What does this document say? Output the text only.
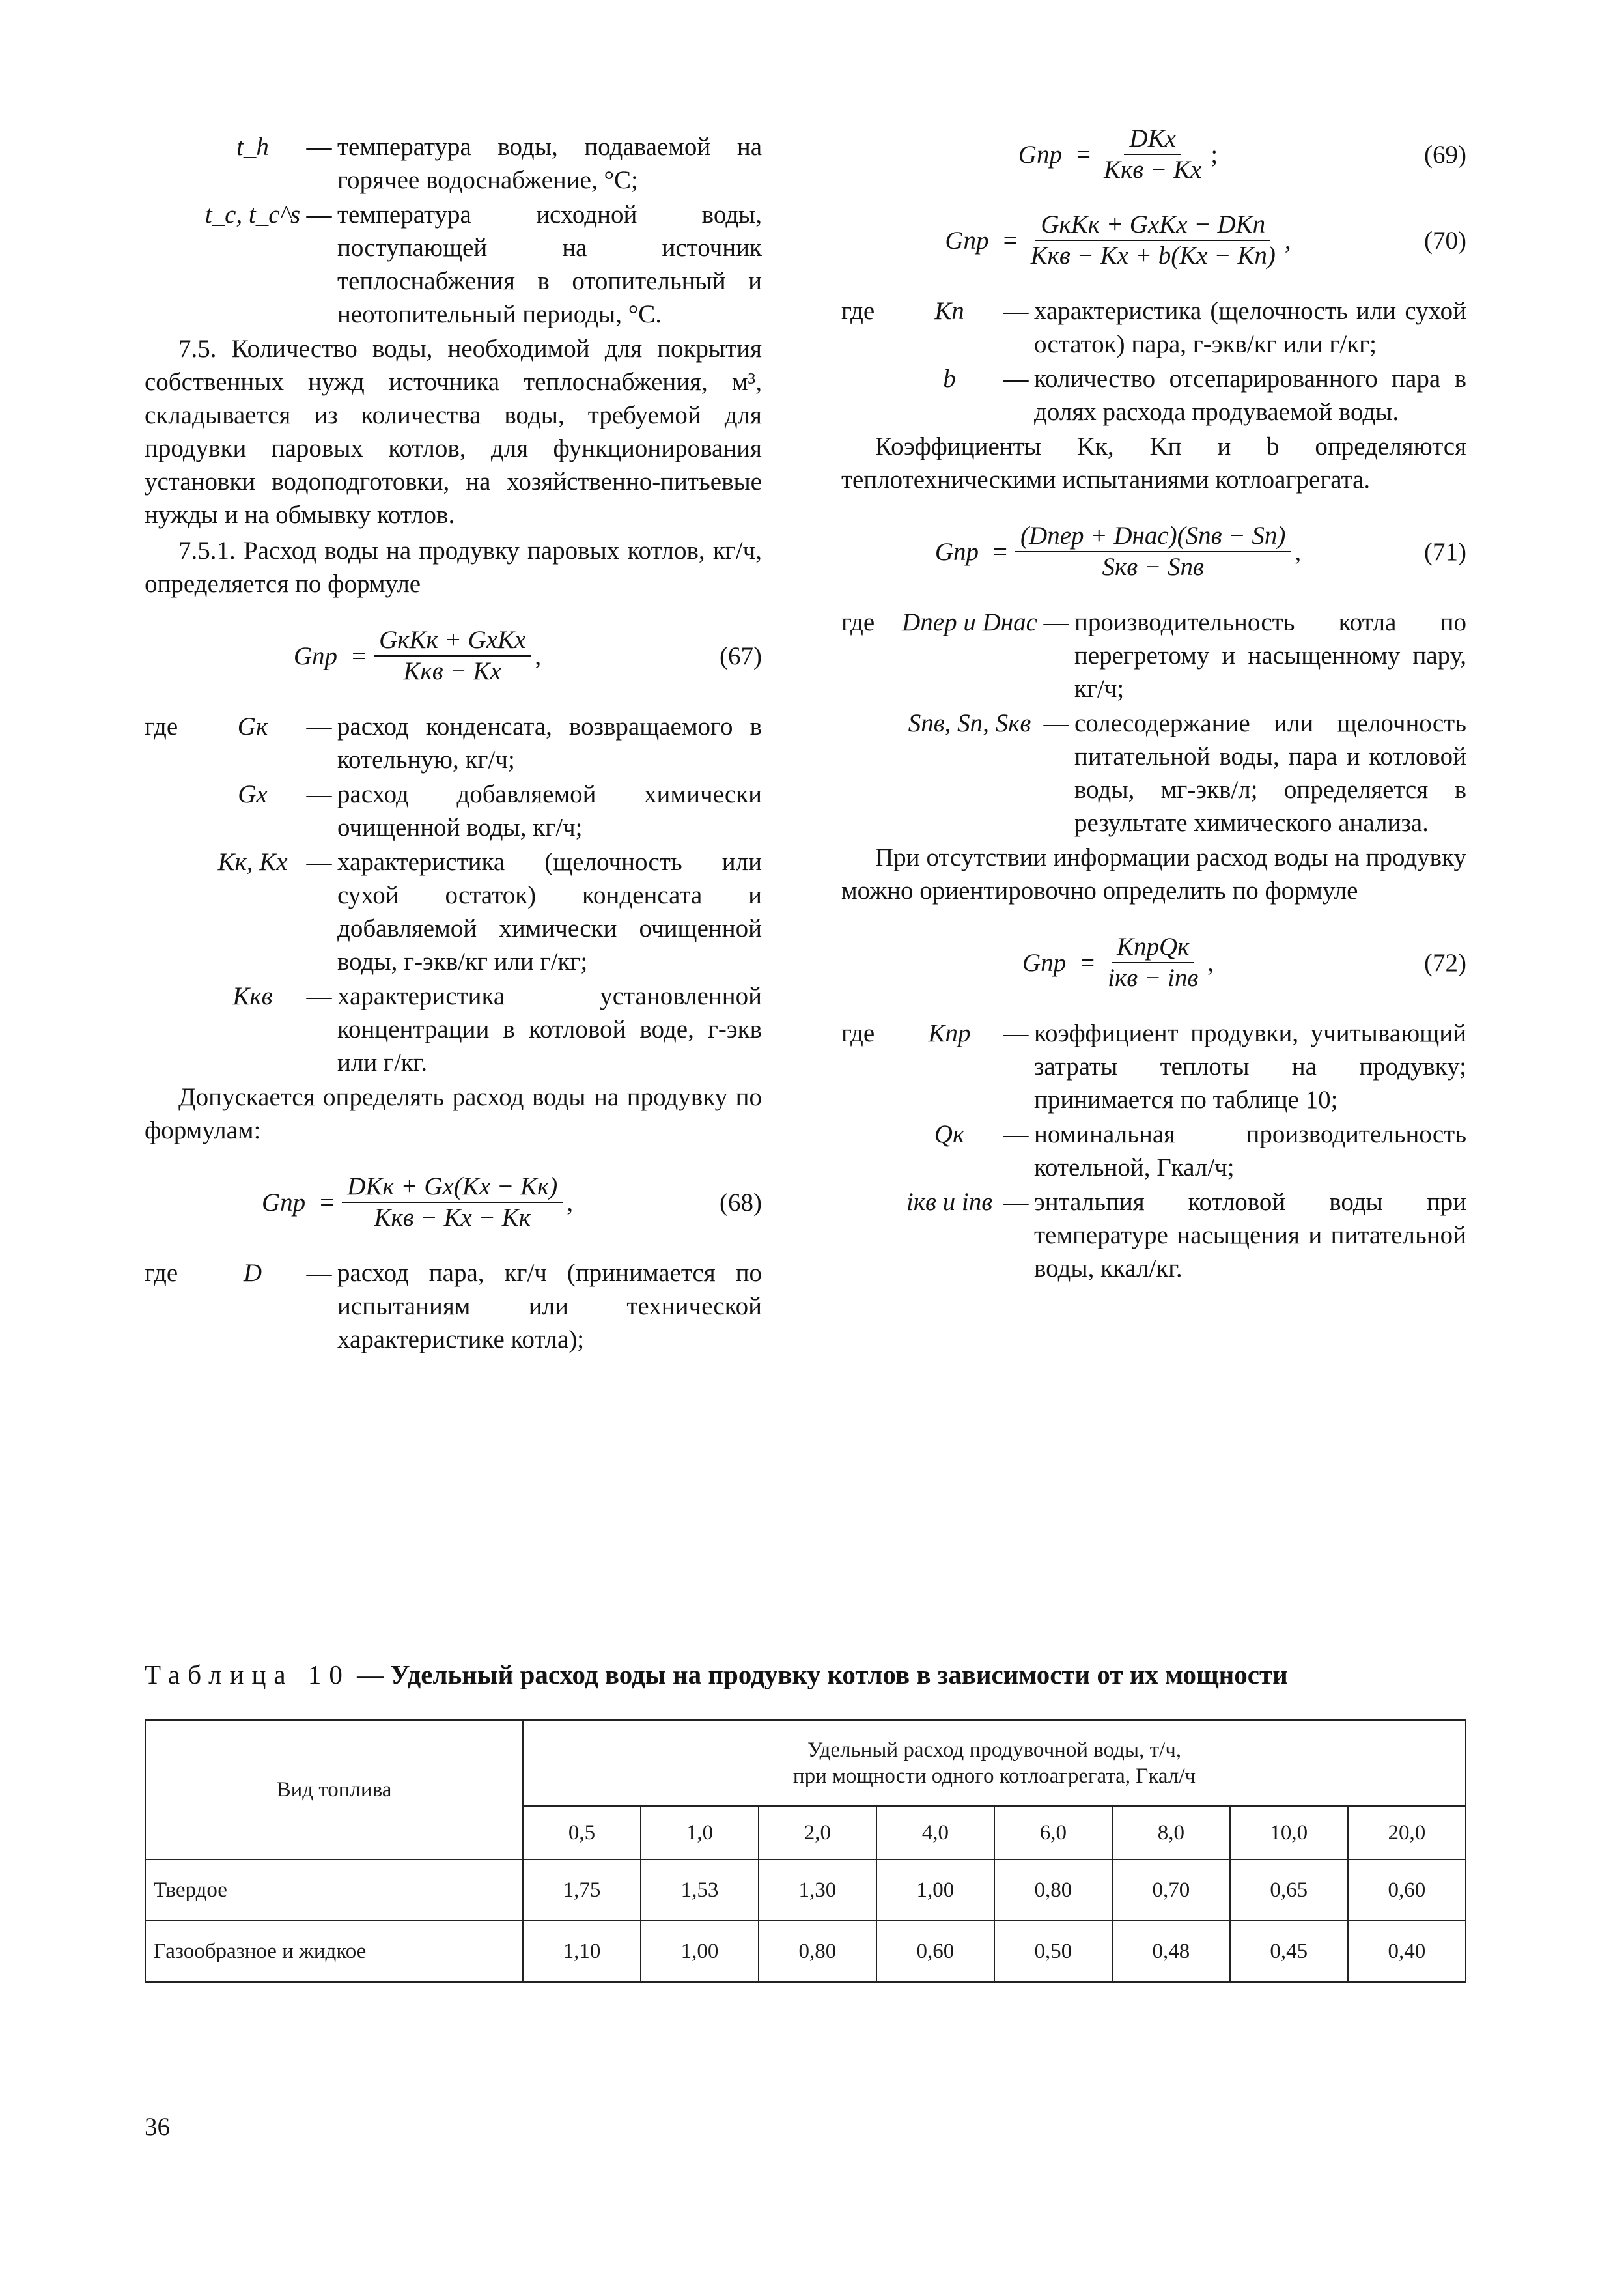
t_h	— температура воды, подаваемой на горячее водоснабжение, °С;
t_c, t_c^s — температура исходной воды, поступающей на источник теплоснабжения в отопительный и неотопительный периоды, °С.

7.5. Количество воды, необходимой для покрытия собственных нужд источника теплоснабжения, м³, складывается из количества воды, требуемой для продувки паровых котлов, для функционирования установки водоподготовки, на хозяйственно-питьевые нужды и на обмывку котлов.

7.5.1. Расход воды на продувку паровых котлов, кг/ч, определяется по формуле

Gпр = $\frac{\text{GкKк + GхKх}}{\text{Kкв − Kх}}$ ,	(67)
где	Gк	— расход конденсата, возвращаемого в котельную, кг/ч;
Gх	— расход добавляемой химически очищенной воды, кг/ч;
Kк, Kх — характеристика (щелочность или сухой остаток) конденсата и добавляемой химически очищенной воды, г-экв/кг или г/кг;
Kкв	— характеристика установленной концентрации в котловой воде, г-экв или г/кг.

Допускается определять расход воды на продувку по формулам:

Gпр = $\frac{\text{DKк + Gх(Kх − Kк)}}{\text{Kкв − Kх − Kк}}$ ,	(68)
где	D	— расход пара, кг/ч (принимается по испытаниям или технической характеристике котла);
Gпр = $\frac{\text{DKх}}{\text{Kкв − Kх}}$ ;	(69)
Gпр = $\frac{\text{GкKк + GхKх − DKп}}{\text{Kкв − Kх + b(Kх − Kп)}}$ ,	(70)
где	Kп	— характеристика (щелочность или сухой остаток) пара, г-экв/кг или г/кг;
b	— количество отсепарированного пара в долях расхода продуваемой воды.

Коэффициенты Kк, Kп и b определяются теплотехническими испытаниями котлоагрегата.

Gпр = $\frac{\text{(Dпер + Dнас)(Sпв − Sп)}}{\text{Sкв − Sпв}}$ ,	(71)
где	Dпер и Dнас — производительность котла по перегретому и насыщенному пару, кг/ч;
Sпв, Sп, Sкв — солесодержание или щелочность питательной воды, пара и котловой воды, мг-экв/л; определяется в результате химического анализа.

При отсутствии информации расход воды на продувку можно ориентировочно определить по формуле

Gпр = $\frac{\text{KпрQк}}{\text{iкв − iпв}}$ ,	(72)
где	Kпр	— коэффициент продувки, учитывающий затраты теплоты на продувку; принимается по таблице 10;
Qк	— номинальная производительность котельной, Гкал/ч;
iкв и iпв — энтальпия котловой воды при температуре насыщения и питательной воды, ккал/кг.
Таблица 10 — Удельный расход воды на продувку котлов в зависимости от их мощности
Вид топлива	Удельный расход продувочной воды, т/ч,
при мощности одного котлоагрегата, Гкал/ч							

	0,5	1,0	2,0	4,0	6,0	8,0	10,0	20,0
Твердое	1,75	1,53	1,30	1,00	0,80	0,70	0,65	0,60
Газообразное и жидкое	1,10	1,00	0,80	0,60	0,50	0,48	0,45	0,40
36
